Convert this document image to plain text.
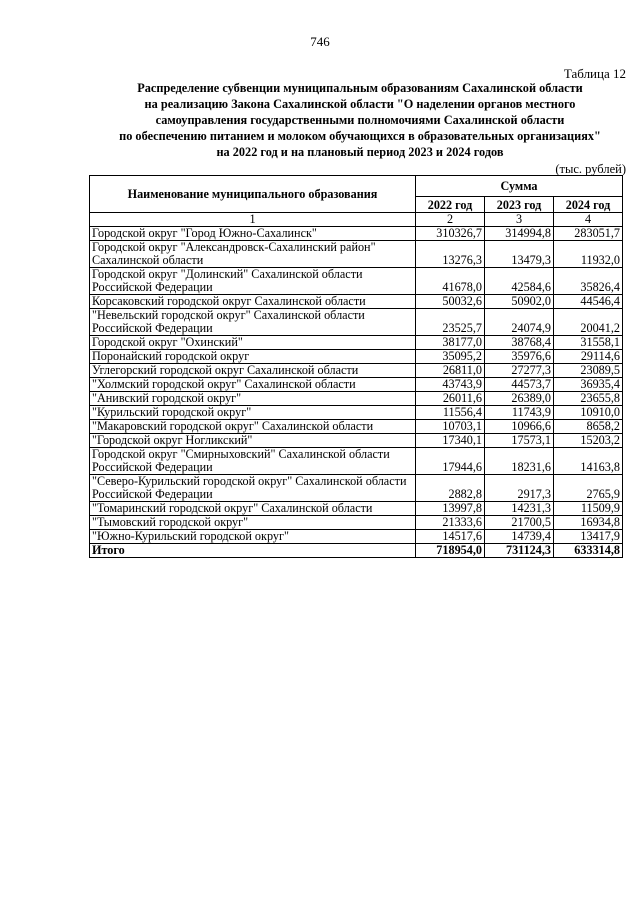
746
Таблица 12
Распределение субвенции муниципальным образованиям Сахалинской области
на реализацию Закона Сахалинской области "О наделении органов местного
самоуправления государственными полномочиями Сахалинской области
по обеспечению питанием и молоком обучающихся в образовательных организациях"
на 2022 год и на плановый период 2023 и 2024 годов
(тыс. рублей)
Наименование муниципального образования	Сумма		
	2022 год	2023 год	2024 год
1	2	3	4
Городской округ "Город Южно-Сахалинск"	310326,7	314994,8	283051,7
Городской округ "Александровск-Сахалинский район" Сахалинской области	13276,3	13479,3	11932,0
Городской округ "Долинский" Сахалинской области Российской Федерации	41678,0	42584,6	35826,4
Корсаковский городской округ Сахалинской области	50032,6	50902,0	44546,4
"Невельский городской округ" Сахалинской области Российской Федерации	23525,7	24074,9	20041,2
Городской округ "Охинский"	38177,0	38768,4	31558,1
Поронайский городской округ	35095,2	35976,6	29114,6
Углегорский городской округ Сахалинской области	26811,0	27277,3	23089,5
"Холмский городской округ" Сахалинской области	43743,9	44573,7	36935,4
"Анивский городской округ"	26011,6	26389,0	23655,8
"Курильский городской округ"	11556,4	11743,9	10910,0
"Макаровский городской округ" Сахалинской области	10703,1	10966,6	8658,2
"Городской округ Ногликский"	17340,1	17573,1	15203,2
Городской округ "Смирныховский" Сахалинской области Российской Федерации	17944,6	18231,6	14163,8
"Северо-Курильский городской округ" Сахалинской области Российской Федерации	2882,8	2917,3	2765,9
"Томаринский городской округ" Сахалинской области	13997,8	14231,3	11509,9
"Тымовский городской округ"	21333,6	21700,5	16934,8
"Южно-Курильский городской округ"	14517,6	14739,4	13417,9
Итого	718954,0	731124,3	633314,8
